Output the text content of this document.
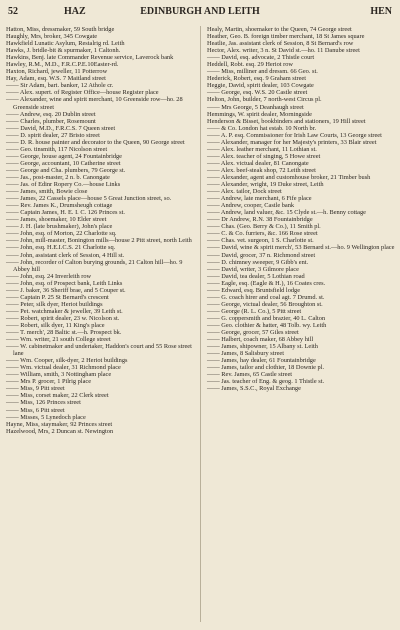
52	HAZ	EDINBURGH AND LEITH	HEN
Hatton, Miss, dressmaker, 59 South bridge
Haughly, Mrs, broker, 345 Cowgate
Hawkfield Lunatic Asylum, Restalrig rd. Leith
Hawks, J. bridle-bit & spurmaker, 1 Caltonh.
Hawkins, Benj. late Commander Revenue service, Laverock bank
Hawley, R.M., M.D., F.R.C.P.E.10Easter-rd.
Haxton, Richard, jeweller, 11 Potterrow
Hay, Adam, esq. W.S. 7 Maitland street
—— Sir Adam, bart. banker, 12 Athole cr.
—— Alex. supert. of Register Office—house Register place
—— Alexander, wine and spirit merchant, 10 Greenside row—ho. 28 Greenside street
—— Andrew, esq. 20 Dublin street
—— Charles, plumber, Rosemount
—— David, M.D., F.R.C.S. 7 Queen street
—— D. spirit dealer, 27 Bristo street
—— D. R. house painter and decorator to the Queen, 90 George street
—— Geo. tinsmith, 117 Nicolson street
—— George, house agent, 24 Fountainbridge
—— George, accountant, 10 Catherine street
—— George and Cha. plumbers, 79 George st.
—— Jas., post-master, 2 n. b. Canongate
—— Jas. of Edinr Ropery Co.—house Links
—— James, smith, Bowie close
—— James, 22 Cassels place—house 5 Great Junction street, so.
—— Rev. James K., Drumsheugh cottage
—— Captain James, H. E. I. C. 126 Princes st.
—— James, shoemaker, 10 Elder street
—— J. H. (late brushmaker), John's place
—— John, esq. of Morton, 22 Charlotte sq.
—— John, mill-master, Bonington mills—house 2 Pitt street, north Leith
—— John, esq. H.E.I.C.S. 21 Charlotte sq.
—— John, assistant clerk of Session, 4 Hill st.
—— John, recorder of Calton burying grounds, 21 Calton hill—ho. 9 Abbey hill
—— John, esq. 24 Inverleith row
—— John, esq. of Prospect bank, Leith Links
—— J. baker, 36 Sheriff brae, and 5 Couper st.
—— Captain P. 25 St Bernard's crescent
—— Peter, silk dyer, Heriot buildings
—— Pet. watchmaker & jeweller, 39 Leith st.
—— Robert, spirit dealer, 23 w. Nicolson st.
—— Robert, silk dyer, 11 King's place
—— T. merch', 28 Baltic st.—h. Prospect bk.
—— Wm. writer, 21 south College street
—— W. cabinetmaker and undertaker, Haddon's court and 55 Rose street lane
—— Wm. Cooper, silk-dyer, 2 Heriot buildings
—— Wm. victual dealer, 31 Richmond place
—— William, smith, 3 Nottingham place
—— Mrs P. grocer, 1 Pilrig place
—— Miss, 9 Pitt street
—— Miss, corset maker, 22 Clerk street
—— Miss, 126 Princes street
—— Miss, 6 Pitt street
—— Misses, 5 Lynedoch place
Hayne, Miss, staymaker, 92 Princes street
Hazelwood, Mrs, 2 Duncan st. Newington
Healy, Martin, shoemaker to the Queen, 74 George street
Heather, Geo. B. foreign timber merchant, 18 St James square
Heatlie, Jas. assistant clerk of Session, 8 St Bernard's row
Hector, Alex. writer, 3 n. St David st.—ho. 11 Danube street
—— David, esq. advocate, 2 Thistle court
Heddell, Robt. esq. 29 Heriot row
—— Miss, milliner and dressm. 66 Geo. st.
Hederick, Robert, esq. 9 Graham street
Heggie, David, spirit dealer, 103 Cowgate
—— George, esq. W.S. 20 Castle street
Helton, John, builder, 7 north-west Circus pl.
—— Mrs George, 5 Deanhaugh street
Hemmings, W. spirit dealer, Morningside
Henderson & Bisset, bookbinders and stationers, 19 Hill street
—— & Co. London hat estab. 10 North br.
—— A. P. esq. Commissioner for Irish Law Courts, 13 George street
—— Alexander, manager for her Majesty's printers, 33 Blair street
—— Alex. leather merchant, 11 Lothian st.
—— Alex. teacher of singing, 5 Howe street
—— Alex. victual dealer, 81 Canongate
—— Alex. beef-steak shop, 72 Leith street
—— Alexander, agent and customhouse broker, 21 Timber bush
—— Alexander, wright, 19 Duke street, Leith
—— Alex. tailor, Dock street
—— Andrew, late merchant, 6 Fife place
—— Andrew, cooper, Castle bank
—— Andrew, land valuer, &c. 15 Clyde st.—h. Benny cottage
—— Dr Andrew, R.N. 38 Fountainbridge
—— Chas. (Geo. Berry & Co.), 11 Smith pl.
—— C. & Co. furriers, &c. 166 Rose street
—— Chas. vet. surgeon, 1 S. Charlotte st.
—— David, wine & spirit merch', 53 Bernard st.—ho. 9 Wellington place
—— David, grocer, 37 n. Richmond street
—— D. chimney sweeper, 9 Gibb's ent.
—— David, writer, 3 Gilmore place
—— David, tea dealer, 5 Lothian road
—— Eagle, esq. (Eagle & H.), 16 Coates cres.
—— Edward, esq. Bruntsfield lodge
—— G. coach hirer and coal agt. 7 Drumd. st.
—— George, victual dealer, 56 Broughton st.
—— George (R. L. Co.), 5 Pitt street
—— G. coppersmith and brazier, 40 L. Calton
—— Geo. clothier & hatter, 48 Tolb. wy. Leith
—— George, grocer, 57 Giles street
—— Halbert, coach maker, 68 Abbey hill
—— James, shipowner, 15 Albany st. Leith
—— James, 8 Salisbury street
—— James, hay dealer, 61 Fountainbridge
—— James, tailor and clothier, 18 Downie pl.
—— Rev. James, 65 Castle street
—— Jas. teacher of Eng. & geog. 1 Thistle st.
—— James, S.S.C., Royal Exchange
